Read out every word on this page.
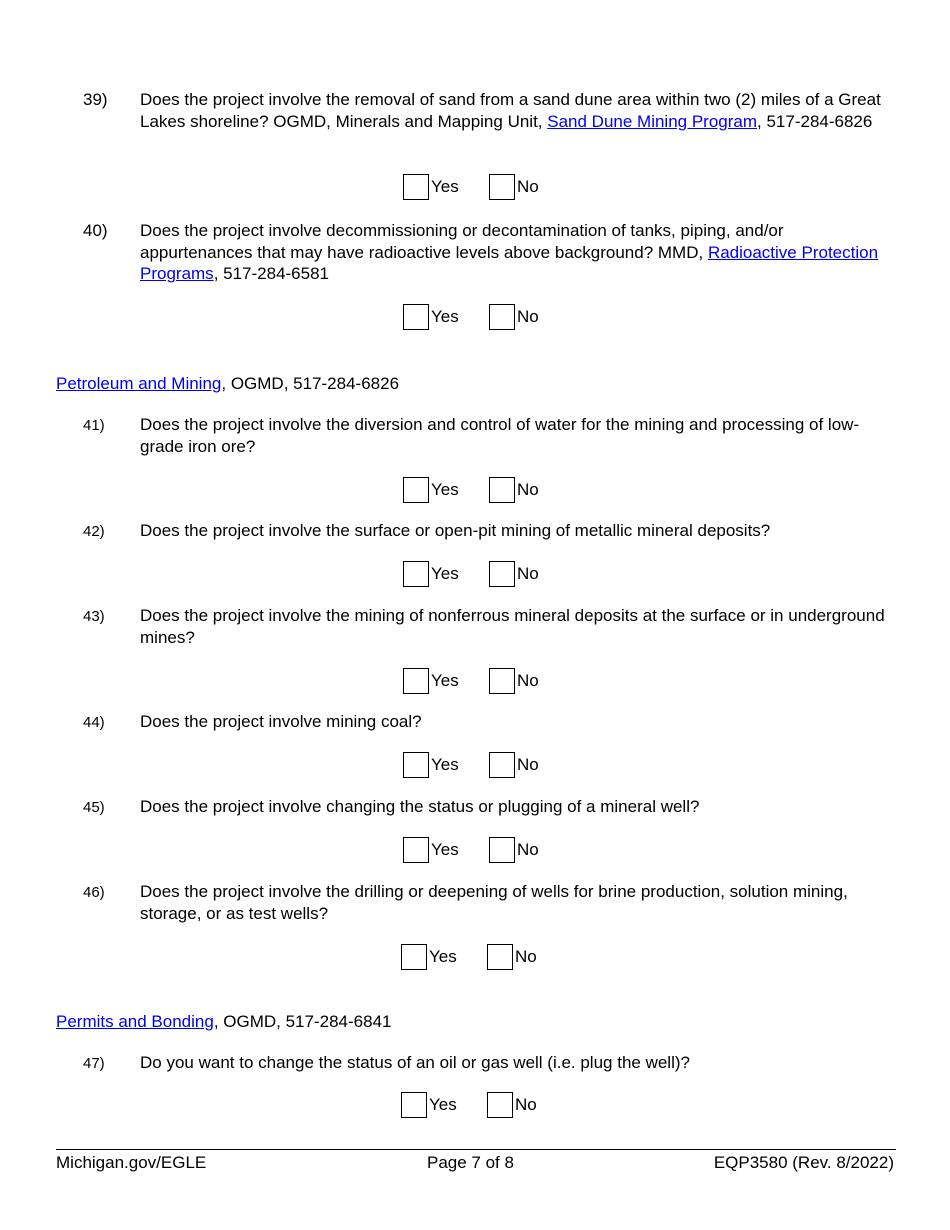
39) Does the project involve the removal of sand from a sand dune area within two (2) miles of a Great Lakes shoreline? OGMD, Minerals and Mapping Unit, Sand Dune Mining Program, 517-284-6826
Yes	No
40) Does the project involve decommissioning or decontamination of tanks, piping, and/or appurtenances that may have radioactive levels above background? MMD, Radioactive Protection Programs, 517-284-6581
Yes	No
Petroleum and Mining, OGMD, 517-284-6826
41) Does the project involve the diversion and control of water for the mining and processing of low-grade iron ore?
Yes	No
42) Does the project involve the surface or open-pit mining of metallic mineral deposits?
Yes	No
43) Does the project involve the mining of nonferrous mineral deposits at the surface or in underground mines?
Yes	No
44) Does the project involve mining coal?
Yes	No
45) Does the project involve changing the status or plugging of a mineral well?
Yes	No
46) Does the project involve the drilling or deepening of wells for brine production, solution mining, storage, or as test wells?
Yes	No
Permits and Bonding, OGMD, 517-284-6841
47) Do you want to change the status of an oil or gas well (i.e. plug the well)?
Yes	No
Michigan.gov/EGLE	Page 7 of 8	EQP3580 (Rev. 8/2022)
